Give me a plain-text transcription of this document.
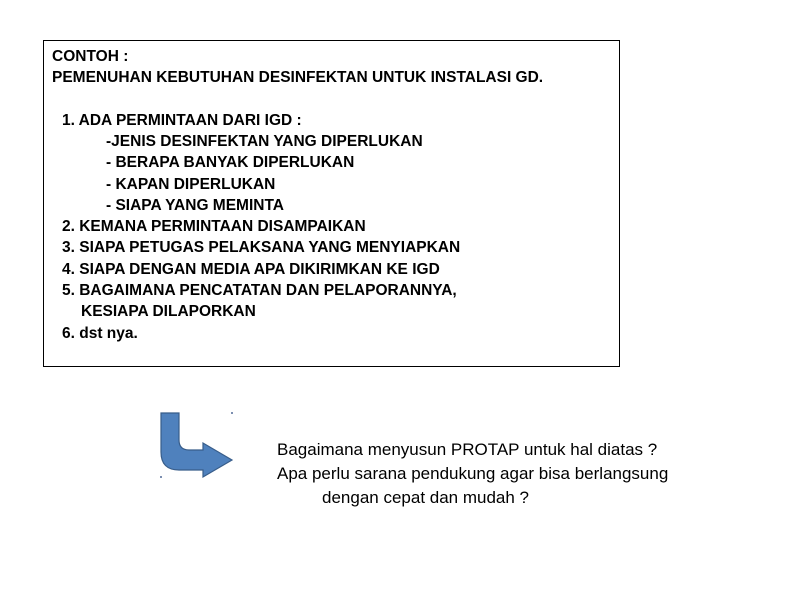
CONTOH :
PEMENUHAN KEBUTUHAN DESINFEKTAN UNTUK INSTALASI GD.
1. ADA PERMINTAAN DARI IGD :
-JENIS DESINFEKTAN YANG DIPERLUKAN
- BERAPA BANYAK DIPERLUKAN
- KAPAN DIPERLUKAN
- SIAPA YANG MEMINTA
2. KEMANA PERMINTAAN DISAMPAIKAN
3. SIAPA PETUGAS PELAKSANA YANG MENYIAPKAN
4. SIAPA DENGAN MEDIA APA DIKIRIMKAN KE IGD
5. BAGAIMANA PENCATATAN DAN PELAPORANNYA,
KESIAPA DILAPORKAN
6. dst nya.
Bagaimana menyusun PROTAP untuk hal diatas ?
Apa perlu sarana pendukung agar bisa berlangsung
dengan cepat dan mudah ?
